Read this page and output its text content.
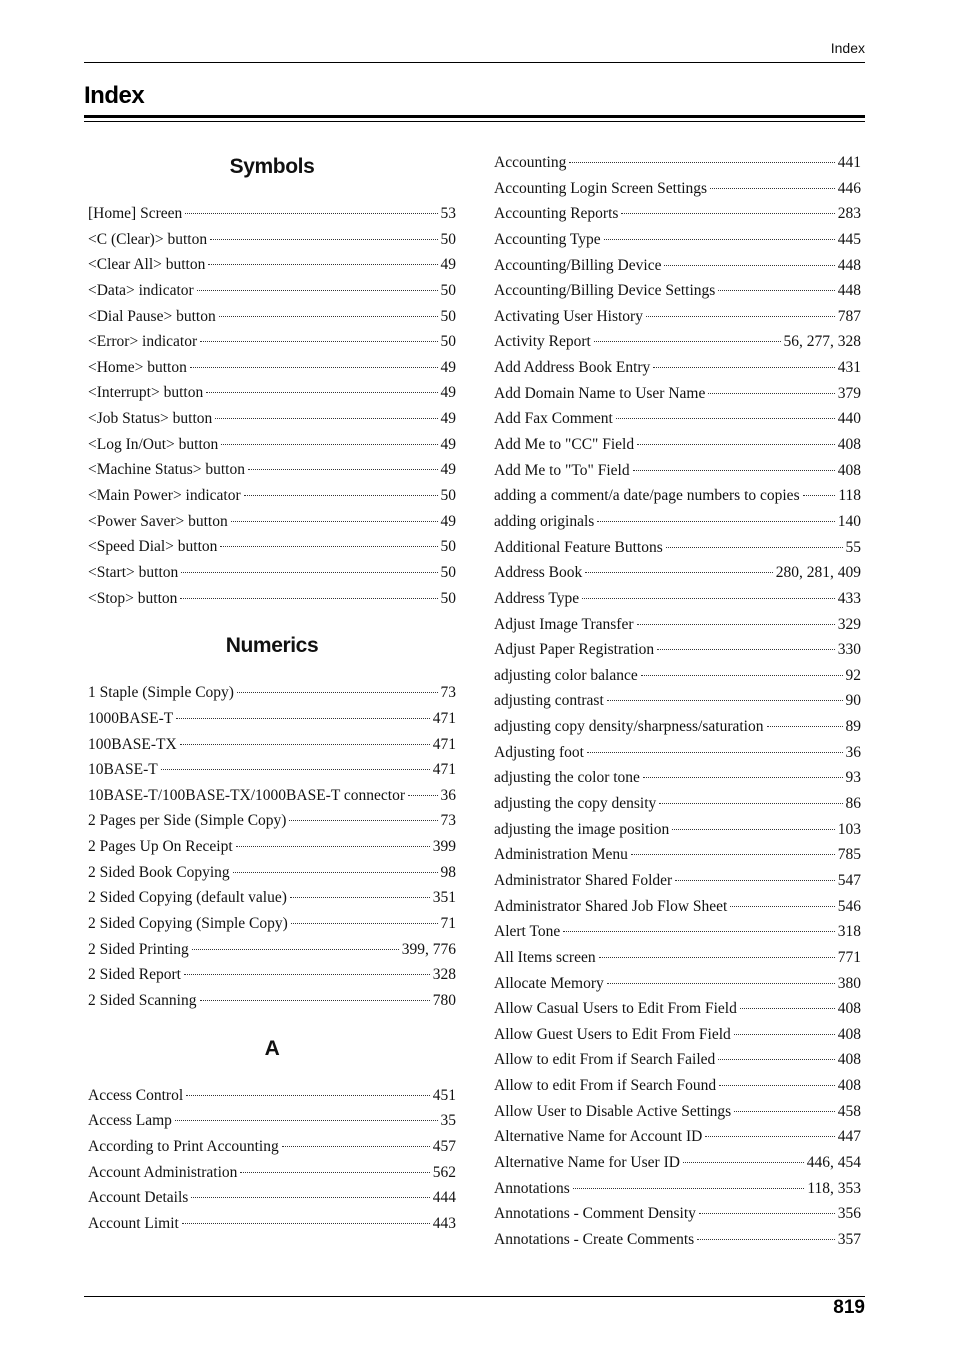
Index
Index
Symbols
[Home] Screen	53
<C (Clear)> button	50
<Clear All> button	49
<Data> indicator	50
<Dial Pause> button	50
<Error> indicator	50
<Home> button	49
<Interrupt> button	49
<Job Status> button	49
<Log In/Out> button	49
<Machine Status> button	49
<Main Power> indicator	50
<Power Saver> button	49
<Speed Dial> button	50
<Start> button	50
<Stop> button	50
Numerics
1 Staple (Simple Copy)	73
1000BASE-T	471
100BASE-TX	471
10BASE-T	471
10BASE-T/100BASE-TX/1000BASE-T connector 36
2 Pages per Side (Simple Copy)	73
2 Pages Up On Receipt	399
2 Sided Book Copying	98
2 Sided Copying (default value)	351
2 Sided Copying (Simple Copy)	71
2 Sided Printing	399, 776
2 Sided Report	328
2 Sided Scanning	780
A
Access Control	451
Access Lamp	35
According to Print Accounting	457
Account Administration	562
Account Details	444
Account Limit	443
Accounting	441
Accounting Login Screen Settings	446
Accounting Reports	283
Accounting Type	445
Accounting/Billing Device	448
Accounting/Billing Device Settings	448
Activating User History	787
Activity Report	56, 277, 328
Add Address Book Entry	431
Add Domain Name to User Name	379
Add Fax Comment	440
Add Me to "CC" Field	408
Add Me to "To" Field	408
adding a comment/a date/page numbers to copies 118
adding originals	140
Additional Feature Buttons	55
Address Book	280, 281, 409
Address Type	433
Adjust Image Transfer	329
Adjust Paper Registration	330
adjusting color balance	92
adjusting contrast	90
adjusting copy density/sharpness/saturation	89
Adjusting foot	36
adjusting the color tone	93
adjusting the copy density	86
adjusting the image position	103
Administration Menu	785
Administrator Shared Folder	547
Administrator Shared Job Flow Sheet	546
Alert Tone	318
All Items screen	771
Allocate Memory	380
Allow Casual Users to Edit From Field	408
Allow Guest Users to Edit From Field	408
Allow to edit From if Search Failed	408
Allow to edit From if Search Found	408
Allow User to Disable Active Settings	458
Alternative Name for Account ID	447
Alternative Name for User ID	446, 454
Annotations	118, 353
Annotations - Comment Density	356
Annotations - Create Comments	357
819
